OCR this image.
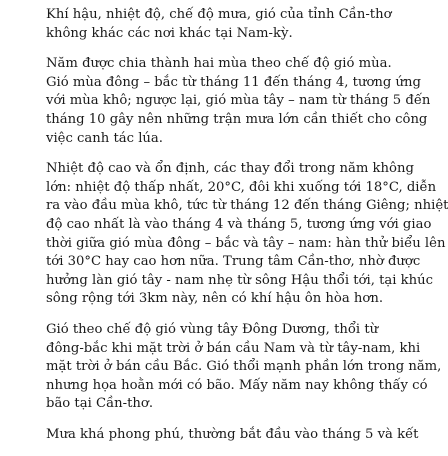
Khí hậu, nhiệt độ, chế độ mưa, gió của tỉnh Cần-thơ
không khác các nơi khác tại Nam-kỳ.

Năm được chia thành hai mùa theo chế độ gió mùa.
Gió mùa đông – bắc từ tháng 11 đến tháng 4, tương ứng
với mùa khô; ngược lại, gió mùa tây – nam từ tháng 5 đến
tháng 10 gây nên những trận mưa lớn cần thiết cho công
việc canh tác lúa.

Nhiệt độ cao và ổn định, các thay đổi trong năm không
lớn: nhiệt độ thấp nhất, 20°C, đôi khi xuống tới 18°C, diễn
ra vào đầu mùa khô, tức từ tháng 12 đến tháng Giêng; nhiệt
độ cao nhất là vào tháng 4 và tháng 5, tương ứng với giao
thời giữa gió mùa đông – bắc và tây – nam: hàn thử biểu lên
tới 30°C hay cao hơn nữa. Trung tâm Cần-thơ, nhờ được
hưởng làn gió tây - nam nhẹ từ sông Hậu thổi tới, tại khúc
sông rộng tới 3km này, nên có khí hậu ôn hòa hơn.

Gió theo chế độ gió vùng tây Đông Dương, thổi từ
đông-bắc khi mặt trời ở bán cầu Nam và từ tây-nam, khi
mặt trời ở bán cầu Bắc. Gió thổi mạnh phần lớn trong năm,
nhưng họa hoằn mới có bão. Mấy năm nay không thấy có
bão tại Cần-thơ.

Mưa khá phong phú, thường bắt đầu vào tháng 5 và kết
